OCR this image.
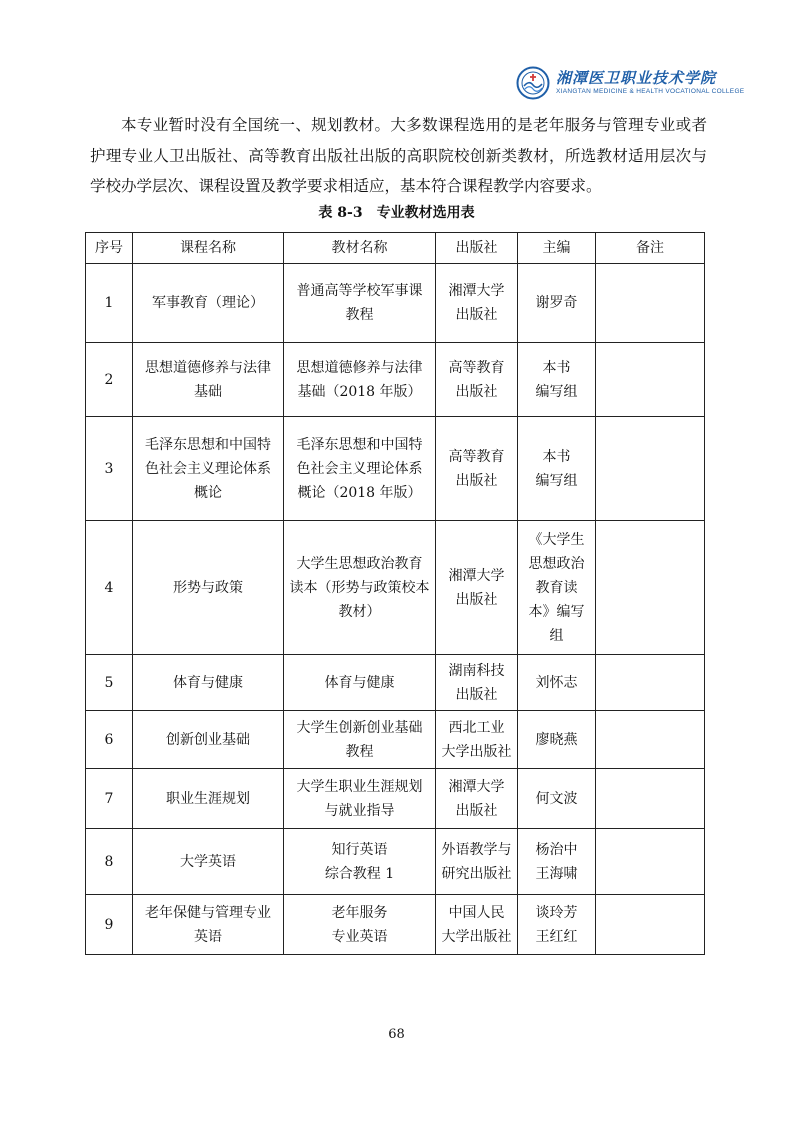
湘潭医卫职业技术学院
XIANGTAN MEDICINE & HEALTH VOCATIONAL COLLEGE

本专业暂时没有全国统一、规划教材。大多数课程选用的是老年服务与管理专业或者护理专业人卫出版社、高等教育出版社出版的高职院校创新类教材，所选教材适用层次与学校办学层次、课程设置及教学要求相适应，基本符合课程教学内容要求。

表 8-3　专业教材选用表

序号	课程名称	教材名称	出版社	主编	备注
1	军事教育（理论）	普通高等学校军事课
教程	湘潭大学
出版社	谢罗奇	

2	思想道德修养与法律
基础	思想道德修养与法律
基础（2018 年版）	高等教育
出版社	本书
编写组	

3	毛泽东思想和中国特
色社会主义理论体系
概论	毛泽东思想和中国特
色社会主义理论体系
概论（2018 年版）	高等教育
出版社	本书
编写组	

4	形势与政策	大学生思想政治教育
读本（形势与政策校本
教材）	湘潭大学
出版社	《大学生
思想政治
教育读
本》编写
组	

5	体育与健康	体育与健康	湖南科技
出版社	刘怀志	

6	创新创业基础	大学生创新创业基础
教程	西北工业
大学出版社	廖晓燕	

7	职业生涯规划	大学生职业生涯规划
与就业指导	湘潭大学
出版社	何文波	

8	大学英语	知行英语
综合教程 1	外语教学与
研究出版社	杨治中
王海啸	

9	老年保健与管理专业
英语	老年服务
专业英语	中国人民
大学出版社	谈玲芳
王红红	

68
